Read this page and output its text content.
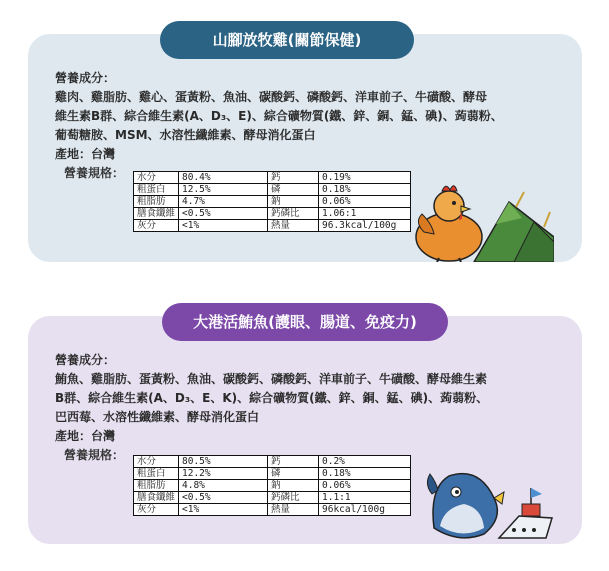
山腳放牧雞(關節保健)
營養成分：
雞肉、雞脂肪、雞心、蛋黃粉、魚油、碳酸鈣、磷酸鈣、洋車前子、牛磺酸、酵母
維生素B群、綜合維生素(A、D₃、E)、綜合礦物質(鐵、鋅、銅、錳、碘)、蒟蒻粉、
葡萄糖胺、MSM、水溶性纖維素、酵母消化蛋白
產地：台灣
營養規格： 水分	80.4%	鈣	0.19%
粗蛋白	12.5%	磷	0.18%
粗脂肪	4.7%	鈉	0.06%
膳食纖維	<0.5%	鈣磷比	1.06:1
灰分	<1%	熱量	96.3kcal/100g
大港活鮪魚(護眼、腸道、免疫力)
營養成分：
鮪魚、雞脂肪、蛋黃粉、魚油、碳酸鈣、磷酸鈣、洋車前子、牛磺酸、酵母維生素
B群、綜合維生素(A、D₃、E、K)、綜合礦物質(鐵、鋅、銅、錳、碘)、蒟蒻粉、
巴西莓、水溶性纖維素、酵母消化蛋白
產地：台灣
營養規格： 水分	80.5%	鈣	0.2%
粗蛋白	12.2%	磷	0.18%
粗脂肪	4.8%	鈉	0.06%
膳食纖維	<0.5%	鈣磷比	1.1:1
灰分	<1%	熱量	96kcal/100g
